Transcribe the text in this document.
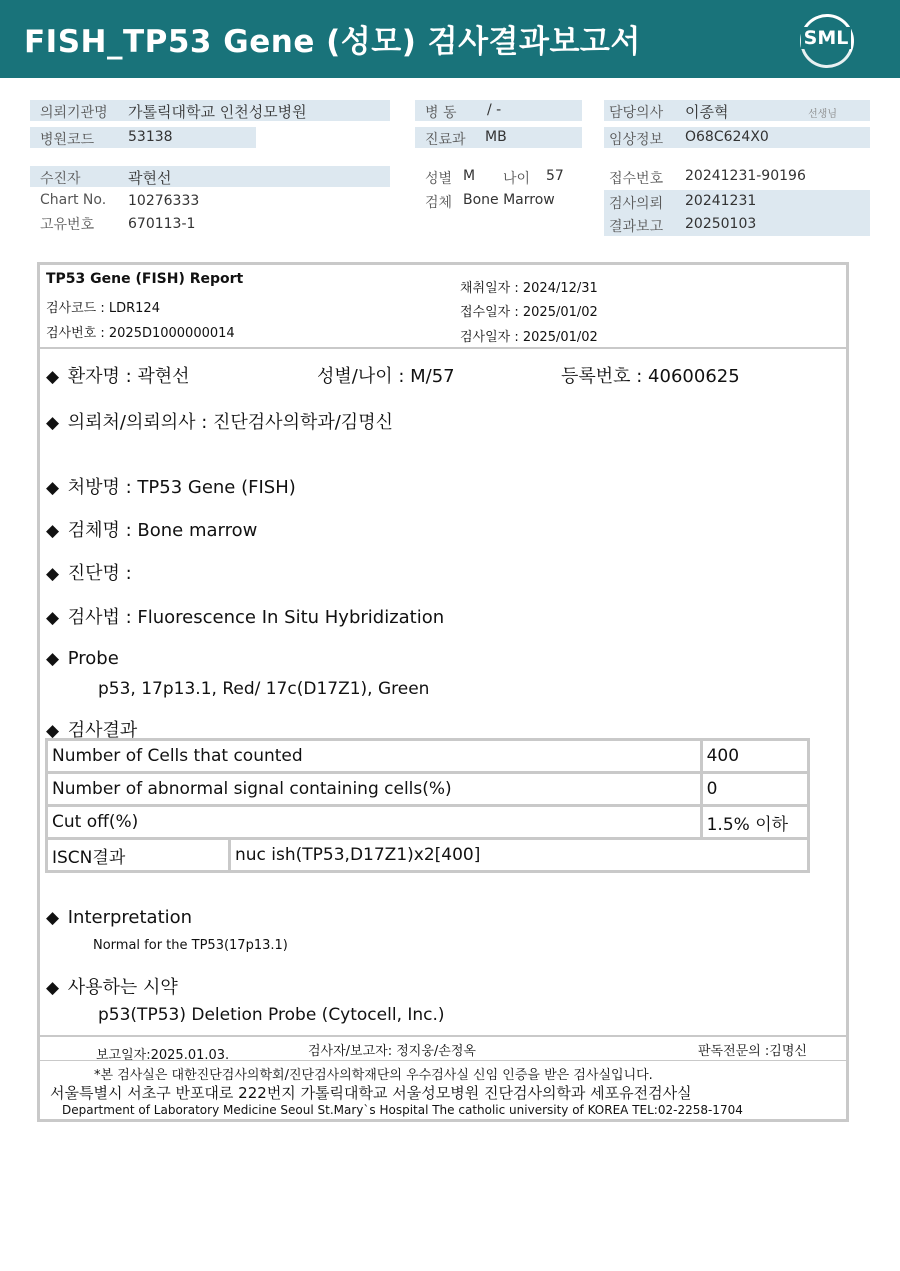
FISH_TP53 Gene (성모) 검사결과보고서	SML
의뢰기관명 가톨릭대학교 인천성모병원
병원코드 53138
병 동 / -
진료과 MB
담당의사 이종혁	선생님
임상정보 O68C624X0
수진자	곽현선
Chart No. 10276333
고유번호 670113-1
성별 M 나이 57
검체 Bone Marrow
접수번호 20241231-90196
검사의뢰 20241231
결과보고 20250103
TP53 Gene (FISH) Report
검사코드 : LDR124
검사번호 : 2025D1000000014
채취일자 : 2024/12/31
접수일자 : 2025/01/02
검사일자 : 2025/01/02
◆ 환자명 : 곽현선	성별/나이 : M/57	등록번호 : 40600625
◆ 의뢰처/의뢰의사 : 진단검사의학과/김명신
◆ 처방명 : TP53 Gene (FISH)
◆ 검체명 : Bone marrow
◆ 진단명 :
◆ 검사법 : Fluorescence In Situ Hybridization
◆ Probe
p53, 17p13.1, Red/ 17c(D17Z1), Green
◆ 검사결과
Number of Cells that counted		400
Number of abnormal signal containing cells(%)		0
Cut off(%)		1.5% 이하
ISCN결과	nuc ish(TP53,D17Z1)x2[400]	
◆ Interpretation
Normal for the TP53(17p13.1)
◆ 사용하는 시약
p53(TP53) Deletion Probe (Cytocell, Inc.)
보고일자:2025.01.03.	검사자/보고자: 정지웅/손정옥	판독전문의 :김명신
*본 검사실은 대한진단검사의학회/진단검사의학재단의 우수검사실 신임 인증을 받은 검사실입니다.
서울특별시 서초구 반포대로 222번지 가톨릭대학교 서울성모병원 진단검사의학과 세포유전검사실
Department of Laboratory Medicine Seoul St.Mary`s Hospital The catholic university of KOREA TEL:02-2258-1704
